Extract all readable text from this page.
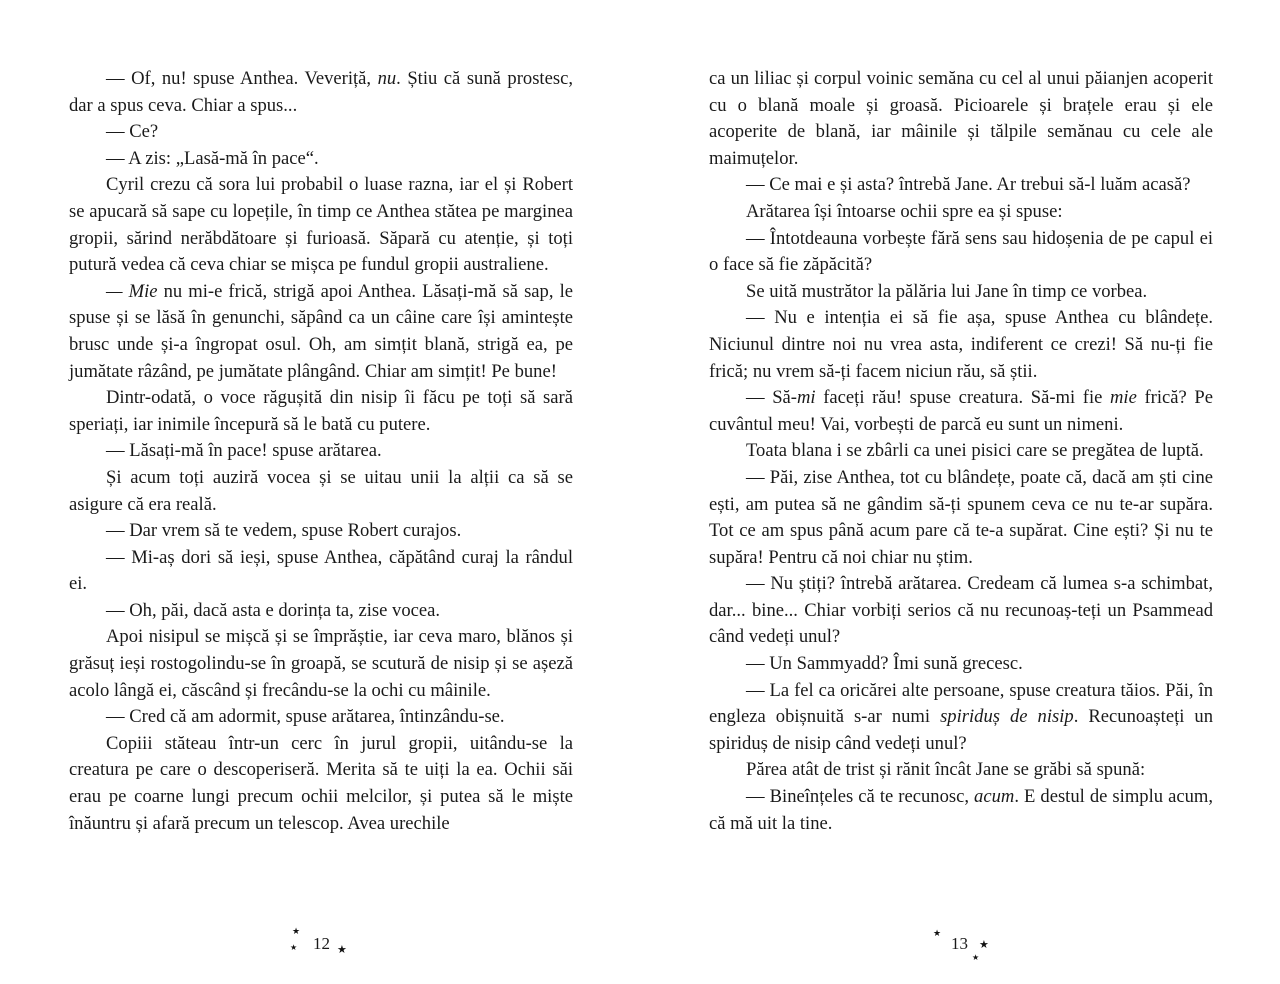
— Of, nu! spuse Anthea. Veveriță, nu. Știu că sună prostesc, dar a spus ceva. Chiar a spus...

— Ce?

— A zis: „Lasă-mă în pace“.

Cyril crezu că sora lui probabil o luase razna, iar el și Robert se apucară să sape cu lopețile, în timp ce Anthea stătea pe marginea gropii, sărind nerăbdătoare și furioasă. Săpară cu atenție, și toți putură vedea că ceva chiar se mișca pe fundul gropii australiene.

— Mie nu mi-e frică, strigă apoi Anthea. Lăsați-mă să sap, le spuse și se lăsă în genunchi, săpând ca un câine care își amintește brusc unde și-a îngropat osul. Oh, am simțit blană, strigă ea, pe jumătate râzând, pe jumătate plângând. Chiar am simțit! Pe bune!

Dintr-odată, o voce răgușită din nisip îi făcu pe toți să sară speriați, iar inimile începură să le bată cu putere.

— Lăsați-mă în pace! spuse arătarea.

Și acum toți auziră vocea și se uitau unii la alții ca să se asigure că era reală.

— Dar vrem să te vedem, spuse Robert curajos.

— Mi-aș dori să ieși, spuse Anthea, căpătând curaj la rândul ei.

— Oh, păi, dacă asta e dorința ta, zise vocea.

Apoi nisipul se mișcă și se împrăștie, iar ceva maro, blănos și grăsuț ieși rostogolindu-se în groapă, se scutură de nisip și se așeză acolo lângă ei, căscând și frecându-se la ochi cu mâinile.

— Cred că am adormit, spuse arătarea, întinzându-se.

Copiii stăteau într-un cerc în jurul gropii, uitându-se la creatura pe care o descoperiseră. Merita să te uiți la ea. Ochii săi erau pe coarne lungi precum ochii melcilor, și putea să le miște înăuntru și afară precum un telescop. Avea urechile

ca un liliac și corpul voinic semăna cu cel al unui păianjen acoperit cu o blană moale și groasă. Picioarele și brațele erau și ele acoperite de blană, iar mâinile și tălpile semănau cu cele ale maimuțelor.

— Ce mai e și asta? întrebă Jane. Ar trebui să-l luăm acasă?

Arătarea își întoarse ochii spre ea și spuse:

— Întotdeauna vorbește fără sens sau hidoșenia de pe capul ei o face să fie zăpăcită?

Se uită mustrător la pălăria lui Jane în timp ce vorbea.

— Nu e intenția ei să fie așa, spuse Anthea cu blândețe. Niciunul dintre noi nu vrea asta, indiferent ce crezi! Să nu-ți fie frică; nu vrem să-ți facem niciun rău, să știi.

— Să-mi faceți rău! spuse creatura. Să-mi fie mie frică? Pe cuvântul meu! Vai, vorbești de parcă eu sunt un nimeni.

Toata blana i se zbârli ca unei pisici care se pregătea de luptă.

— Păi, zise Anthea, tot cu blândețe, poate că, dacă am ști cine ești, am putea să ne gândim să-ți spunem ceva ce nu te-ar supăra. Tot ce am spus până acum pare că te-a supărat. Cine ești? Și nu te supăra! Pentru că noi chiar nu știm.

— Nu știți? întrebă arătarea. Credeam că lumea s-a schimbat, dar... bine... Chiar vorbiți serios că nu recunoaș-teți un Psammead când vedeți unul?

— Un Sammyadd? Îmi sună grecesc.

— La fel ca oricărei alte persoane, spuse creatura tăios. Păi, în engleza obișnuită s-ar numi spiriduș de nisip. Recunoașteți un spiriduș de nisip când vedeți unul?

Părea atât de trist și rănit încât Jane se grăbi să spună:

— Bineînțeles că te recunosc, acum. E destul de simplu acum, că mă uit la tine.

★
★ 12 ★
★ 13 ★
★
